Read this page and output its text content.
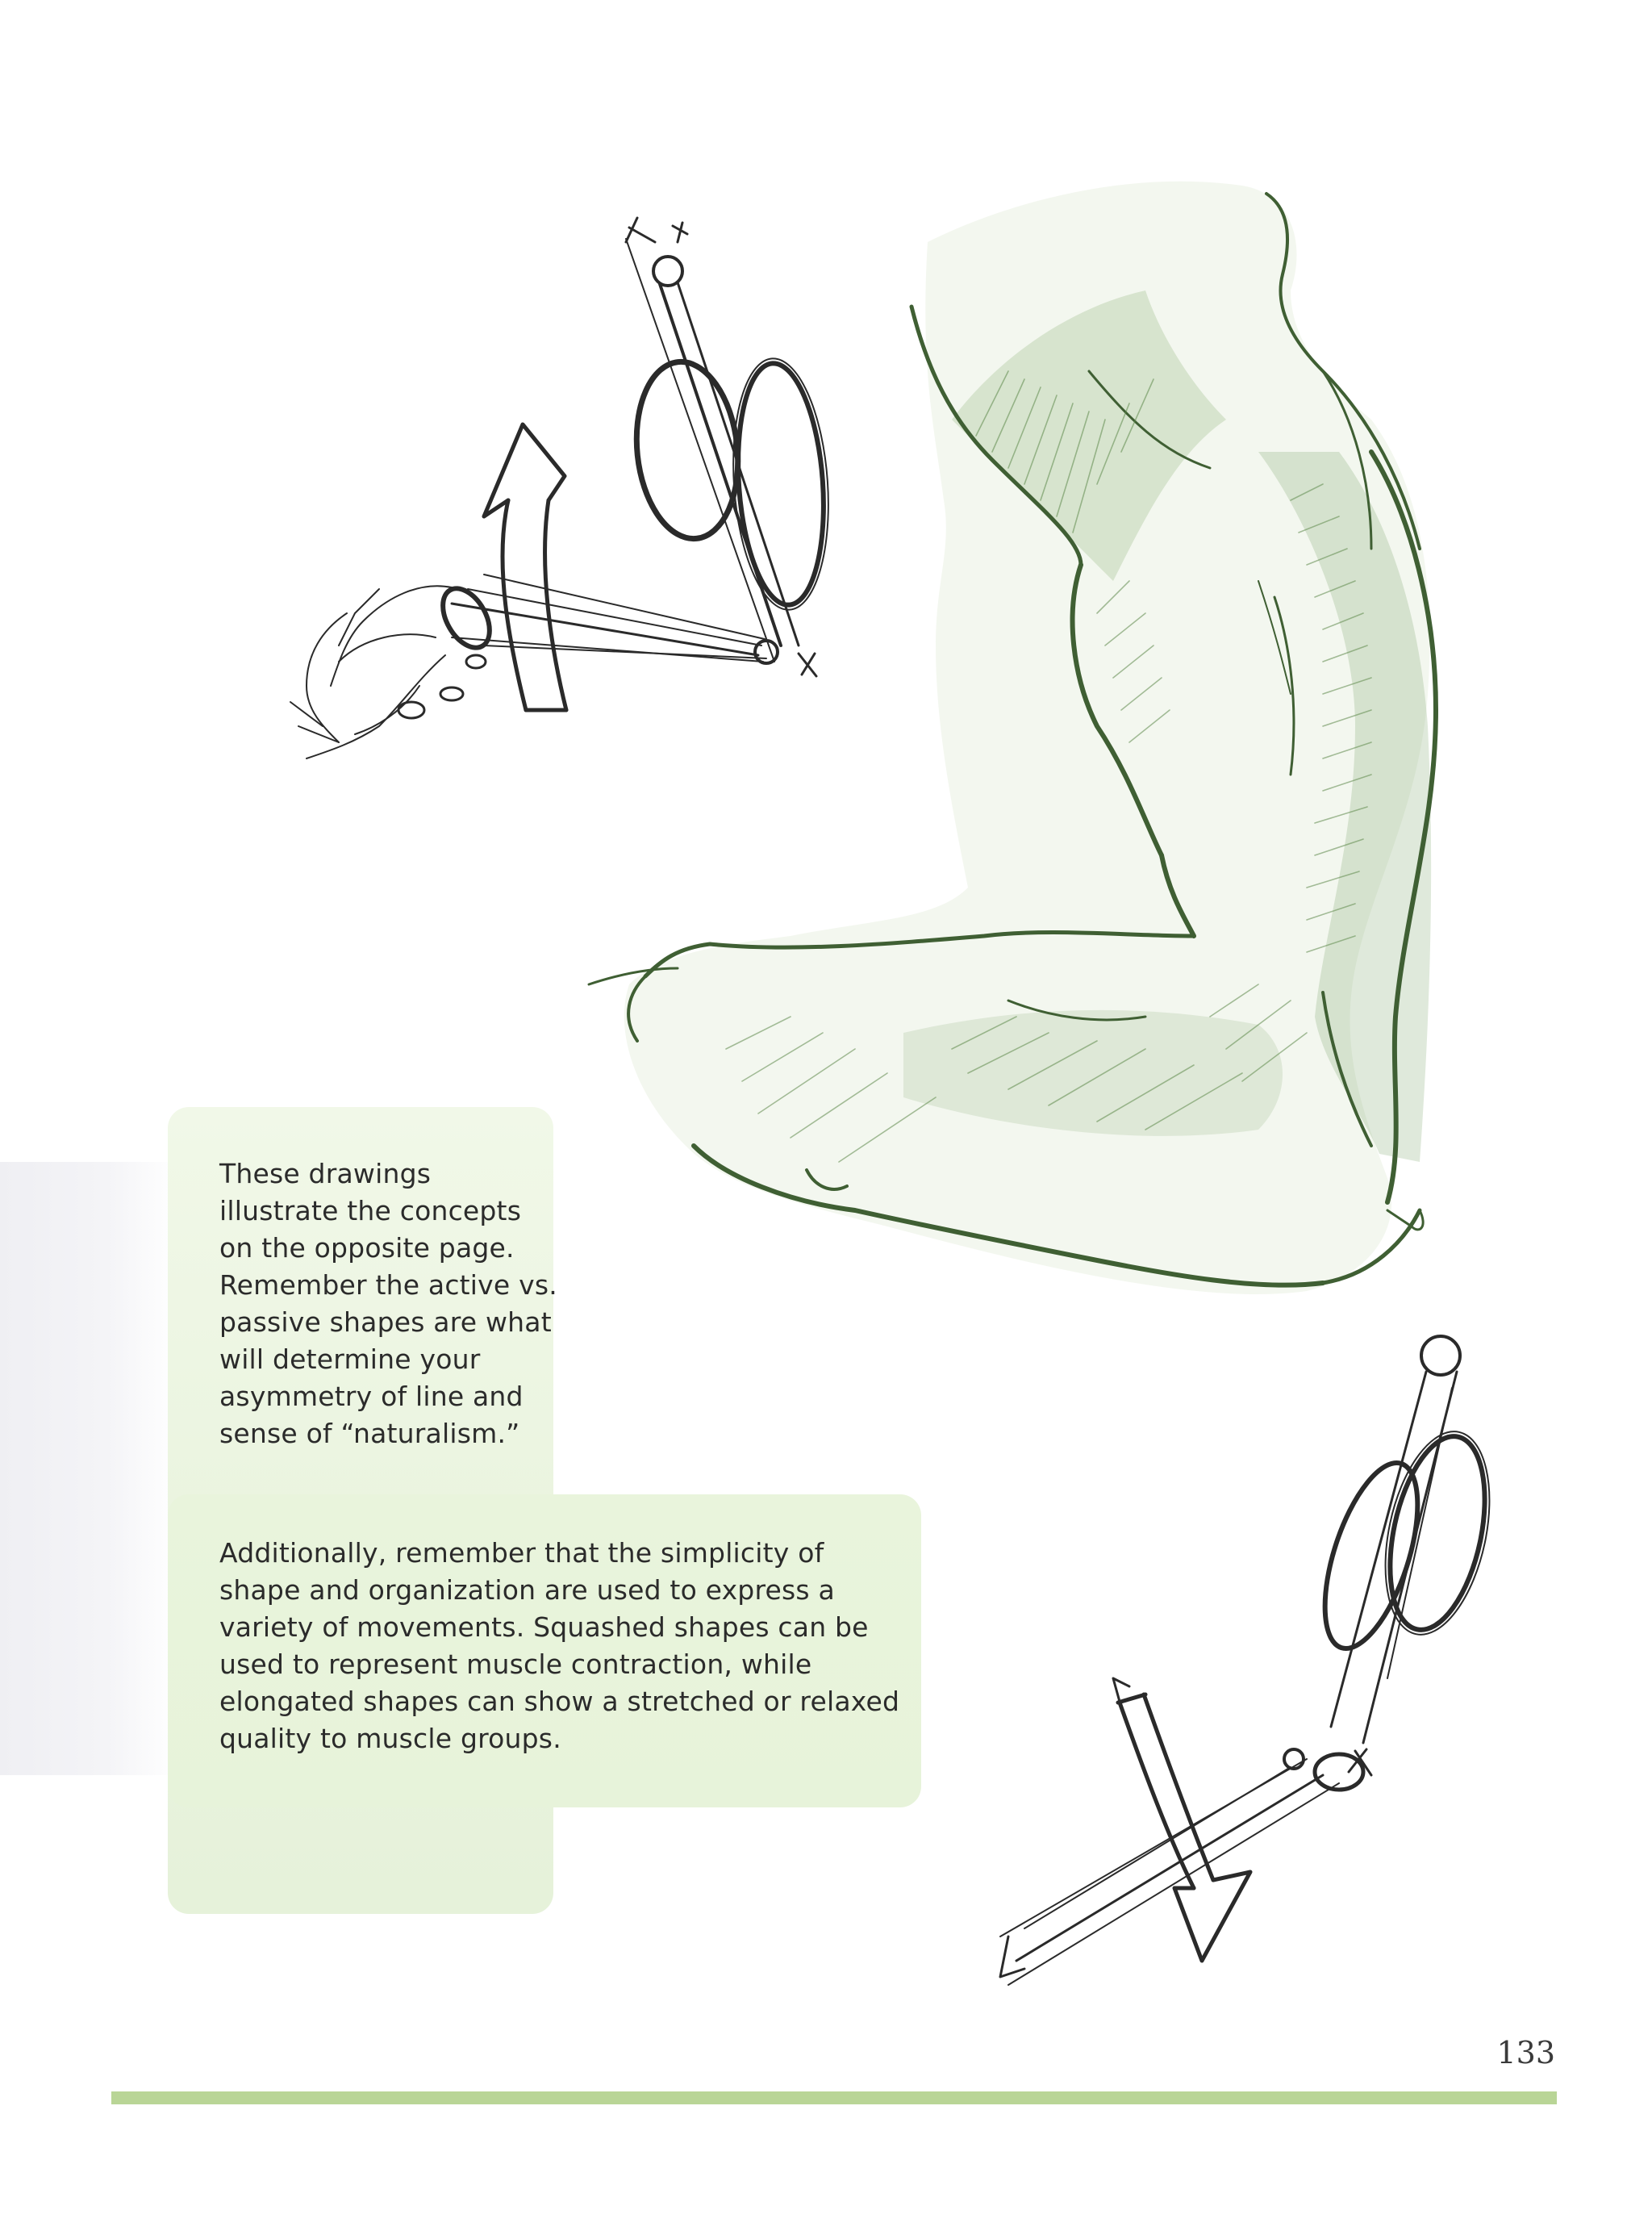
These drawings illustrate the concepts on the opposite page. Remember the active vs. passive shapes are what will determine your asymmetry of line and sense of “naturalism.”

Additionally, remember that the simplicity of shape and organization are used to express a variety of movements. Squashed shapes can be used to represent muscle contraction, while elongated shapes can show a stretched or relaxed quality to muscle groups.

133
